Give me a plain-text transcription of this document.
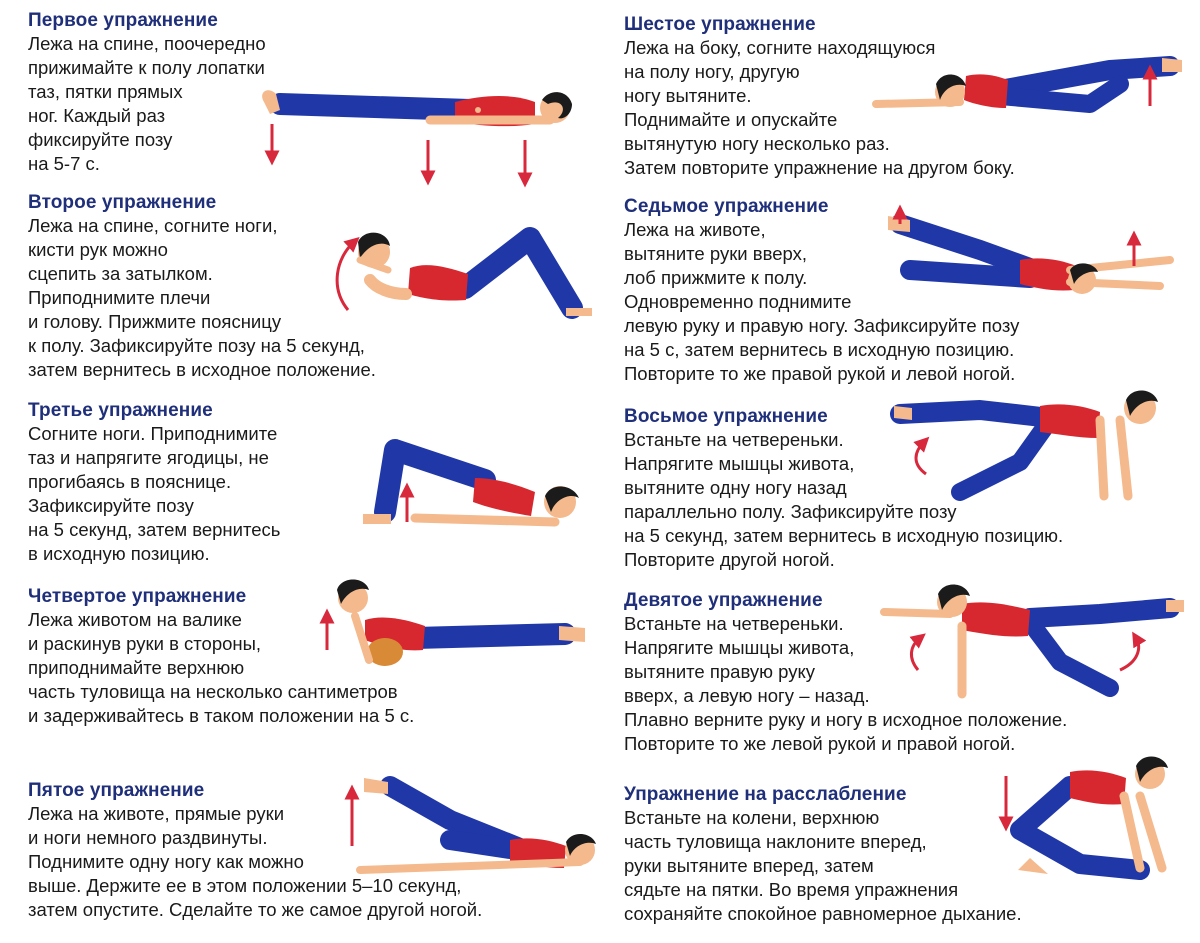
Первое упражнение
Лежа на спине, поочередно
прижимайте к полу лопатки
таз, пятки прямых
ног. Каждый раз
фиксируйте позу
на 5-7 с.
Второе упражнение
Лежа на спине, согните ноги,
кисти рук можно
сцепить за затылком.
Приподнимите плечи
и голову. Прижмите поясницу
к полу. Зафиксируйте позу на 5 секунд,
затем вернитесь в исходное положение.
Третье упражнение
Согните ноги. Приподнимите
таз и напрягите ягодицы, не
прогибаясь в пояснице.
Зафиксируйте позу
на 5 секунд, затем вернитесь
в исходную позицию.
Четвертое упражнение
Лежа животом на валике
и раскинув руки в стороны,
приподнимайте верхнюю
часть туловища на несколько сантиметров
и задерживайтесь в таком положении на 5 с.
Пятое упражнение
Лежа на животе, прямые руки
и ноги немного раздвинуты.
Поднимите одну ногу как можно
выше. Держите ее в этом положении 5–10 секунд,
затем опустите. Сделайте то же самое другой ногой.
Шестое упражнение
Лежа на боку, согните находящуюся
на полу ногу, другую
ногу вытяните.
Поднимайте и опускайте
вытянутую ногу несколько раз.
Затем повторите упражнение на другом боку.
Седьмое упражнение
Лежа на животе,
вытяните руки вверх,
лоб прижмите к полу.
Одновременно поднимите
левую руку и правую ногу. Зафиксируйте позу
на 5 с, затем вернитесь в исходную позицию.
Повторите то же правой рукой и левой ногой.
Восьмое упражнение
Встаньте на четвереньки.
Напрягите мышцы живота,
вытяните одну ногу назад
параллельно полу. Зафиксируйте позу
на 5 секунд, затем вернитесь в исходную позицию.
Повторите другой ногой.
Девятое упражнение
Встаньте на четвереньки.
Напрягите мышцы живота,
вытяните правую руку
вверх, а левую ногу – назад.
Плавно верните руку и ногу в исходное положение.
Повторите то же левой рукой и правой ногой.
Упражнение на расслабление
Встаньте на колени, верхнюю
часть туловища наклоните вперед,
руки вытяните вперед, затем
сядьте на пятки. Во время упражнения
сохраняйте спокойное равномерное дыхание.
